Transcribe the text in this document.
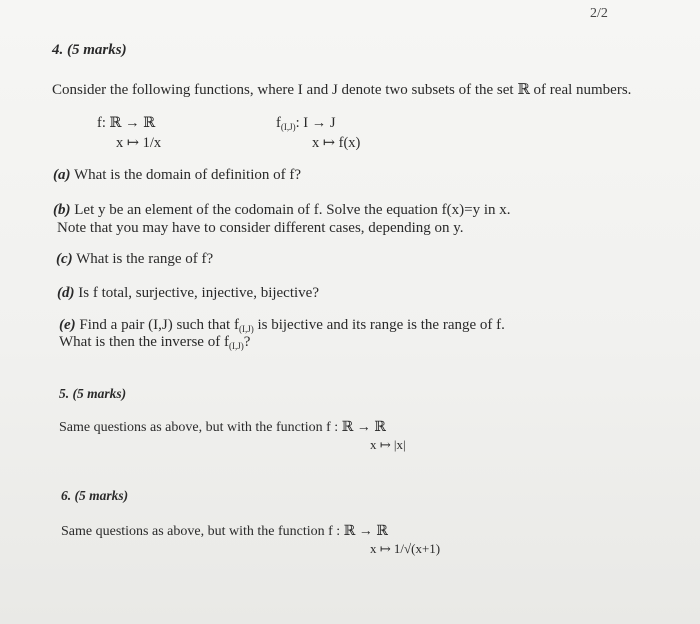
2/2
4. (5 marks)
Consider the following functions, where I and J denote two subsets of the set ℝ of real numbers.
f: ℝ → ℝ
x ↦ 1/x
$f_{(I,J)}$: I → J
x ↦ f(x)
(a) What is the domain of definition of f?
(b) Let y be an element of the codomain of f. Solve the equation f(x)=y in x.
Note that you may have to consider different cases, depending on y.
(c) What is the range of f?
(d) Is f total, surjective, injective, bijective?
(e) Find a pair (I,J) such that $f_{(I,J)}$ is bijective and its range is the range of f.
What is then the inverse of $f_{(I,J)}$?
5. (5 marks)
Same questions as above, but with the function f : ℝ → ℝ
x ↦ |x|
6. (5 marks)
Same questions as above, but with the function f : ℝ → ℝ
x ↦ 1/√(x+1)
